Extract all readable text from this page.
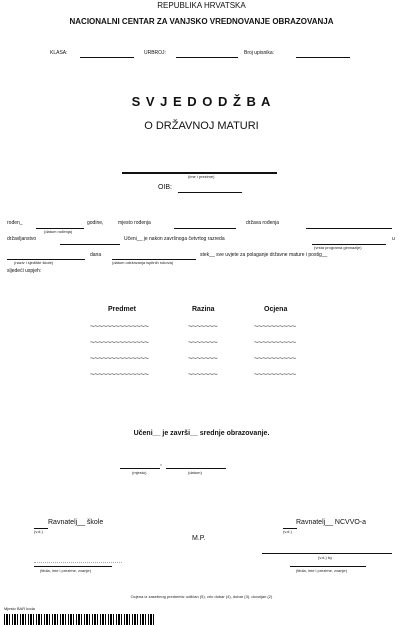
REPUBLIKA HRVATSKA
NACIONALNI CENTAR ZA VANJSKO VREDNOVANJE OBRAZOVANJA
KLASA:	URBROJ:	Broj upisnika:
S V J E D O D Ž B A
O DRŽAVNOJ MATURI
(ime i prezime)
OIB:
rođen_
(datum rođenja)
godine,	mjesto rođenja	država rođenja
državljanstvo	Učeni__ je nakon završnoga četvrtog razreda
(vrsta programa gimnazije)
u
(naziv i sjedište škole)
dana
(datum održavanja ispitnih rokova)
stek__ sve uvjete za polaganje državne mature i postig__
sljedeći uspjeh:
Predmet	Razina	Ocjena
~~~~~~~~~~~~~~	~~~~~~~	~~~~~~~~~~
~~~~~~~~~~~~~~	~~~~~~~	~~~~~~~~~~
~~~~~~~~~~~~~~	~~~~~~~	~~~~~~~~~~
~~~~~~~~~~~~~~	~~~~~~~	~~~~~~~~~~
Učeni__ je završi__ srednje obrazovanje.
,
(mjesto)	(datum)
Ravnatelj__ škole
(v.d.)
M.P.
Ravnatelj__ NCVVO-a
(v.d.)
(v.d.) by
(titula, ime i prezime, zvanje)	(titula, ime i prezime, zvanje)
Ocjena iz zasebnog predmeta: odličan (5), vrlo dobar (4), dobar (3), dovoljan (2)
Mjesto BAR koda
